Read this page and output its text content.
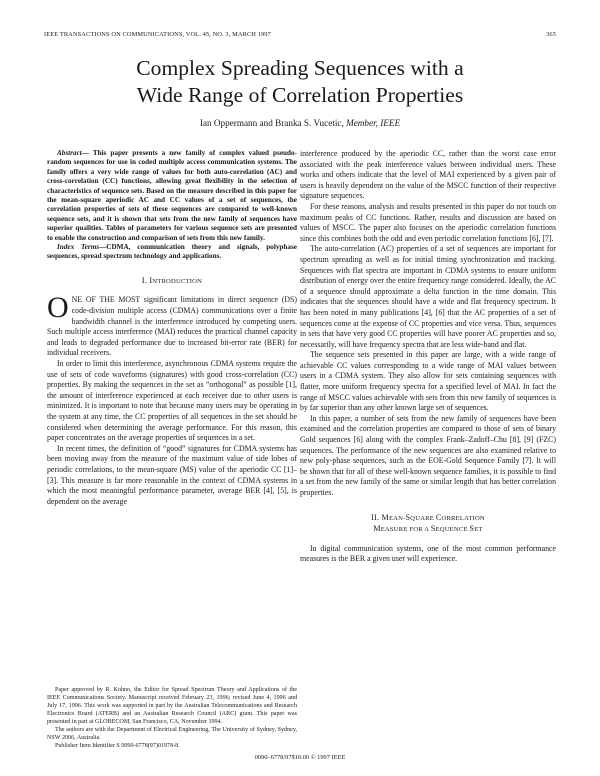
IEEE TRANSACTIONS ON COMMUNICATIONS, VOL. 45, NO. 3, MARCH 1997	365
Complex Spreading Sequences with a
Wide Range of Correlation Properties
Ian Oppermann and Branka S. Vucetic, Member, IEEE

Abstract— This paper presents a new family of complex valued pseudo-random sequences for use in coded multiple access communication systems. The family offers a very wide range of values for both auto-correlation (AC) and cross-correlation (CC) functions, allowing great flexibility in the selection of characteristics of sequence sets. Based on the measure described in this paper for the mean-square aperiodic AC and CC values of a set of sequences, the correlation properties of sets of these sequences are compared to well-known sequence sets, and it is shown that sets from the new family of sequences have superior qualities. Tables of parameters for various sequence sets are presented to enable the construction and comparison of sets from this new family.

Index Terms—CDMA, communication theory and signals, polyphase sequences, spread spectrum technology and applications.

I. INTRODUCTION

ONE OF THE MOST significant limitations in direct sequence (DS) code-division multiple access (CDMA) communications over a finite bandwidth channel is the interference introduced by competing users. Such multiple access interference (MAI) reduces the practical channel capacity and leads to degraded performance due to increased bit-error rate (BER) for individual receivers.

In order to limit this interference, asynchronous CDMA systems require the use of sets of code waveforms (signatures) with good cross-correlation (CC) properties. By making the sequences in the set as “orthogonal” as possible [1], the amount of interference experienced at each receiver due to other users is minimized. It is important to note that because many users may be operating in the system at any time, the CC properties of all sequences in the set should be considered when determining the average performance. For this reason, this paper concentrates on the average properties of sequences in a set.

In recent times, the definition of “good” signatures for CDMA systems has been moving away from the measure of the maximum value of side lobes of periodic correlations, to the mean-square (MS) value of the aperiodic CC [1]–[3]. This measure is far more reasonable in the context of CDMA systems in which the most meaningful performance parameter, average BER [4], [5], is dependent on the average

interference produced by the aperiodic CC, rather than the worst case error associated with the peak interference values between individual users. These works and others indicate that the level of MAI experienced by a given pair of users is heavily dependent on the value of the MSCC function of their respective signature sequences.

For these reasons, analysis and results presented in this paper do not touch on maximum peaks of CC functions. Rather, results and discussion are based on values of MSCC. The paper also focuses on the aperiodic correlation functions since this combines both the odd and even periodic correlation functions [6], [7].

The auto-correlation (AC) properties of a set of sequences are important for spectrum spreading as well as for initial timing synchronization and tracking. Sequences with flat spectra are important in CDMA systems to ensure uniform distribution of energy over the entire frequency range considered. Ideally, the AC of a sequence should approximate a delta function in the time domain. This indicates that the sequences should have a wide and flat frequency spectrum. It has been noted in many publications [4], [6] that the AC properties of a set of sequences come at the expense of CC properties and vice versa. Thus, sequences in sets that have very good CC properties will have poorer AC properties and so, necessarily, will have frequency spectra that are less wide-band and flat.

The sequence sets presented in this paper are large, with a wide range of achievable CC values corresponding to a wide range of MAI values between users in a CDMA system. They also allow for sets containing sequences with flatter, more uniform frequency spectra for a specified level of MAI. In fact the range of MSCC values achievable with sets from this new family of sequences is by far superior than any other known large set of sequences.

In this paper, a number of sets from the new family of sequences have been examined and the correlation properties are compared to those of sets of binary Gold sequences [6] along with the complex Frank–Zadoff–Chu [8], [9] (FZC) sequences. The performance of the new sequences are also examined relative to new poly-phase sequences, such as the EOE-Gold Sequence Family [7]. It will be shown that for all of these well-known sequence families, it is possible to find a set from the new family of the same or similar length that has better correlation properties.

II. MEAN-SQUARE CORRELATION
MEASURE FOR A SEQUENCE SET

In digital communication systems, one of the most common performance measures is the BER a given user will experience.

Paper approved by R. Kohno, the Editor for Spread Spectrum Theory and Applications of the IEEE Communications Society. Manuscript received February 23, 1996; revised June 4, 1996 and July 17, 1996. This work was supported in part by the Australian Telecommunications and Research Electronics Board (ATERB) and an Australian Research Council (ARC) grant. This paper was presented in part at GLOBECOM, San Francisco, CA, November 1994.

The authors are with the Department of Electrical Engineering, The University of Sydney, Sydney, NSW 2006, Australia.

Publisher Item Identifier S 0090-6778(97)01978-8.

0090–6778/97$10.00 © 1997 IEEE
